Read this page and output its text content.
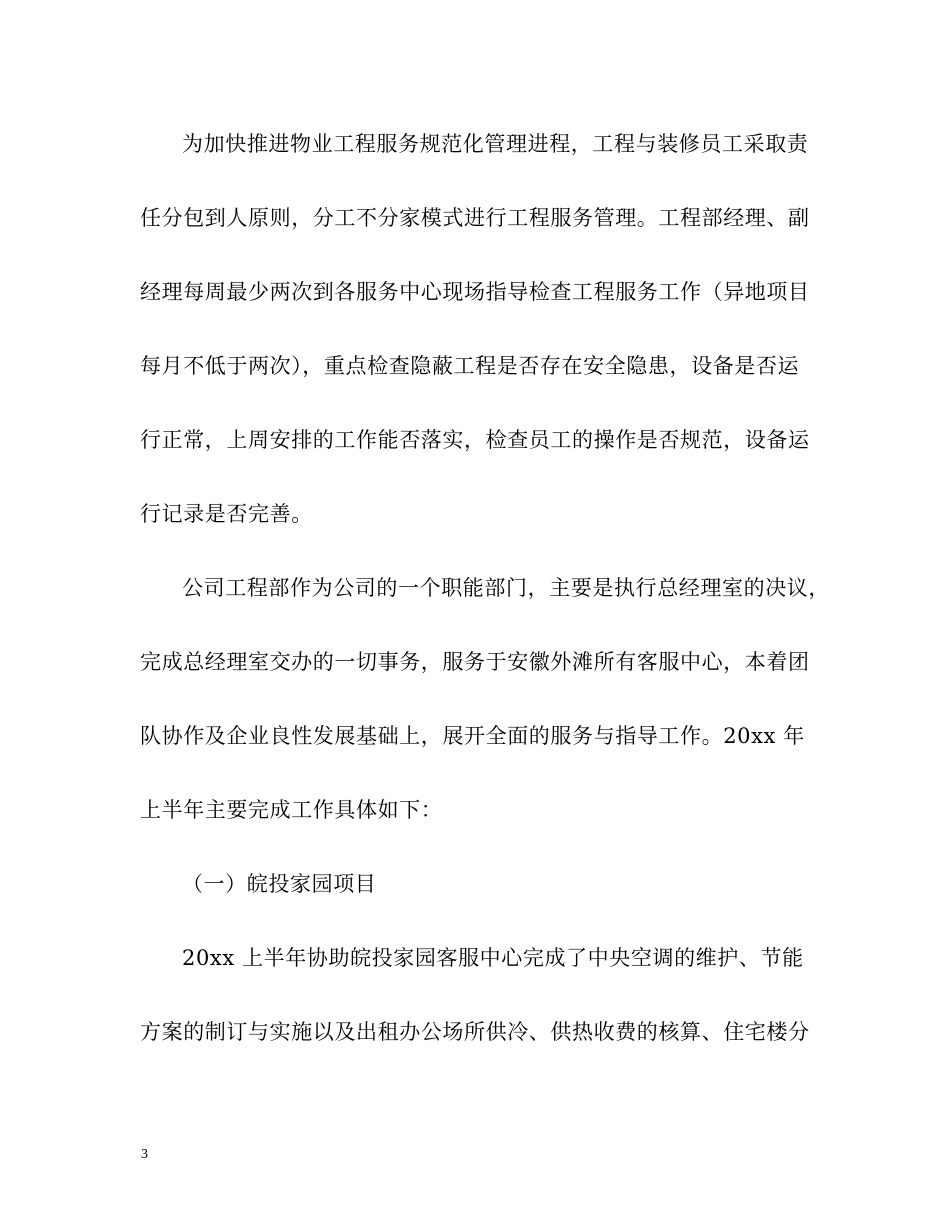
为加快推进物业工程服务规范化管理进程，工程与装修员工采取责
任分包到人原则，分工不分家模式进行工程服务管理。工程部经理、副
经理每周最少两次到各服务中心现场指导检查工程服务工作（异地项目
每月不低于两次），重点检查隐蔽工程是否存在安全隐患，设备是否运
行正常，上周安排的工作能否落实，检查员工的操作是否规范，设备运
行记录是否完善。
公司工程部作为公司的一个职能部门，主要是执行总经理室的决议，
完成总经理室交办的一切事务，服务于安徽外滩所有客服中心，本着团
队协作及企业良性发展基础上，展开全面的服务与指导工作。20xx 年
上半年主要完成工作具体如下：
（一）皖投家园项目
20xx 上半年协助皖投家园客服中心完成了中央空调的维护、节能
方案的制订与实施以及出租办公场所供冷、供热收费的核算、住宅楼分
3
